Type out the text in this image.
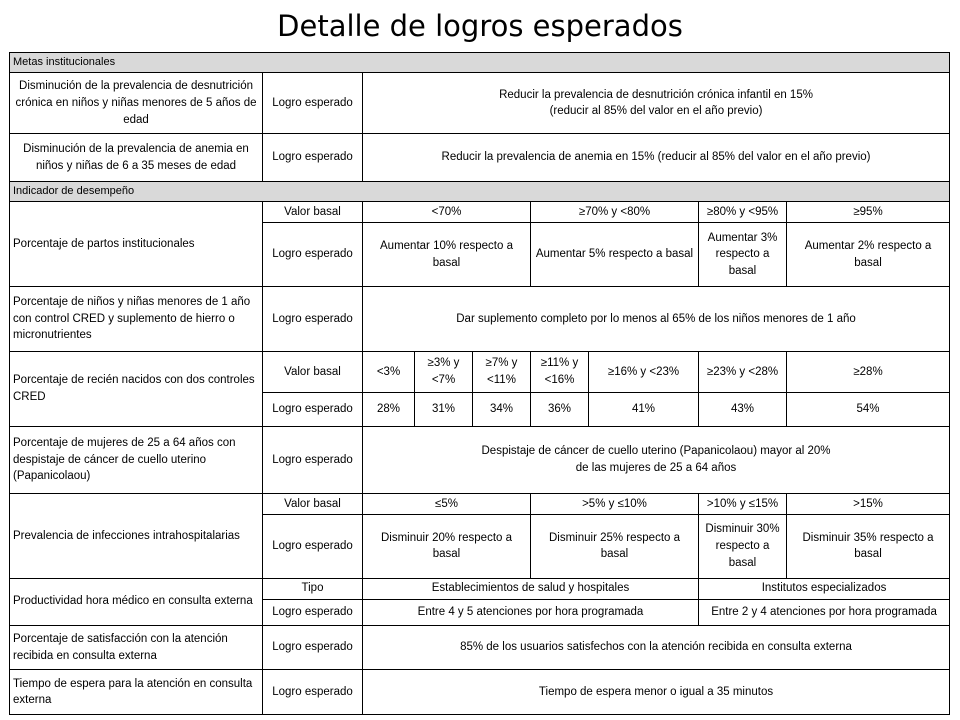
Detalle de logros esperados
Metas institucionales								
Disminución de la prevalencia de desnutrición crónica en niños y niñas menores de 5 años de edad	Logro esperado	Reducir la prevalencia de desnutrición crónica infantil en 15%
(reducir al 85% del valor en el año previo)						
Disminución de la prevalencia de anemia en niños y niñas de 6 a 35 meses de edad	Logro esperado	Reducir la prevalencia de anemia en 15% (reducir al 85% del valor en el año previo)						
Indicador de desempeño								
Porcentaje de partos institucionales	Valor basal	<70%			≥70% y <80%		≥80% y <95%	≥95%
	Logro esperado	Aumentar 10% respecto a basal			Aumentar 5% respecto a basal		Aumentar 3% respecto a basal	Aumentar 2% respecto a basal
Porcentaje de niños y niñas menores de 1 año con control CRED y suplemento de hierro o micronutrientes	Logro esperado	Dar suplemento completo por lo menos al 65% de los niños menores de 1 año						
Porcentaje de recién nacidos con dos controles CRED	Valor basal	<3%	≥3% y <7%	≥7% y <11%	≥11% y <16%	≥16% y <23%	≥23% y <28%	≥28%
	Logro esperado	28%	31%	34%	36%	41%	43%	54%
Porcentaje de mujeres de 25 a 64 años con despistaje de cáncer de cuello uterino (Papanicolaou)	Logro esperado	Despistaje de cáncer de cuello uterino (Papanicolaou) mayor al 20%
de las mujeres de 25 a 64 años						
Prevalencia de infecciones intrahospitalarias	Valor basal	≤5%			>5% y ≤10%		>10% y ≤15%	>15%
	Logro esperado	Disminuir 20% respecto a basal			Disminuir 25% respecto a basal		Disminuir 30% respecto a basal	Disminuir 35% respecto a basal
Productividad hora médico en consulta externa	Tipo	Establecimientos de salud y hospitales					Institutos especializados	
	Logro esperado	Entre 4 y 5 atenciones por hora programada					Entre 2 y 4 atenciones por hora programada	
Porcentaje de satisfacción con la atención recibida en consulta externa	Logro esperado	85% de los usuarios satisfechos con la atención recibida en consulta externa						
Tiempo de espera para la atención en consulta externa	Logro esperado	Tiempo de espera menor o igual a 35 minutos						
